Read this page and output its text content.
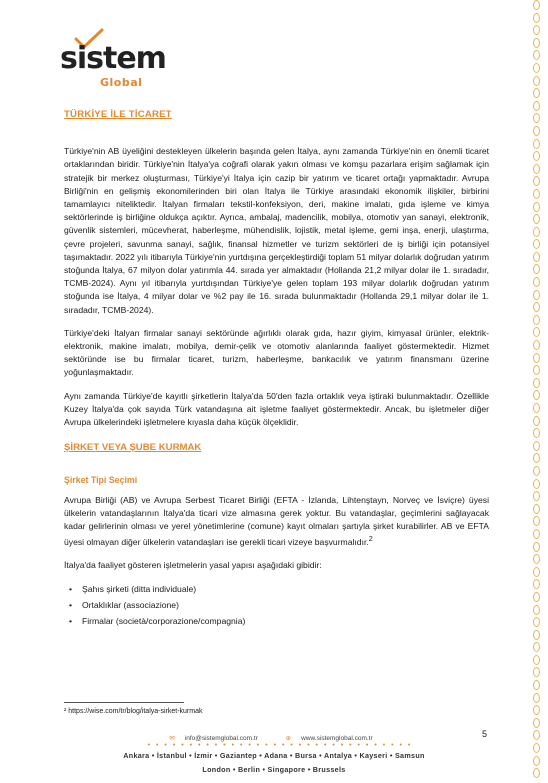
sistem
Global
TÜRKİYE İLE TİCARET

Türkiye'nin AB üyeliğini destekleyen ülkelerin başında gelen İtalya, aynı zamanda Türkiye'nin en önemli ticaret ortaklarından biridir. Türkiye'nin İtalya'ya coğrafi olarak yakın olması ve komşu pazarlara erişim sağlamak için stratejik bir merkez oluşturması, Türkiye'yi İtalya için cazip bir yatırım ve ticaret ortağı yapmaktadır. Avrupa Birliği'nin en gelişmiş ekonomilerinden biri olan İtalya ile Türkiye arasındaki ekonomik ilişkiler, birbirini tamamlayıcı niteliktedir. İtalyan firmaları tekstil-konfeksiyon, deri, makine imalatı, gıda işleme ve kimya sektörlerinde iş birliğine oldukça açıktır. Ayrıca, ambalaj, madencilik, mobilya, otomotiv yan sanayi, elektronik, güvenlik sistemleri, mücevherat, haberleşme, mühendislik, lojistik, metal işleme, gemi inşa, enerji, ulaştırma, çevre projeleri, savunma sanayi, sağlık, finansal hizmetler ve turizm sektörleri de iş birliği için potansiyel taşımaktadır. 2022 yılı itibarıyla Türkiye'nin yurtdışına gerçekleştirdiği toplam 51 milyar dolarlık doğrudan yatırım stoğunda İtalya, 67 milyon dolar yatırımla 44. sırada yer almaktadır (Hollanda 21,2 milyar dolar ile 1. sıradadır, TCMB-2024). Aynı yıl itibarıyla yurtdışından Türkiye'ye gelen toplam 193 milyar dolarlık doğrudan yatırım stoğunda ise İtalya, 4 milyar dolar ve %2 pay ile 16. sırada bulunmaktadır (Hollanda 29,1 milyar dolar ile 1. sıradadır, TCMB-2024).

Türkiye'deki İtalyan firmalar sanayi sektöründe ağırlıklı olarak gıda, hazır giyim, kimyasal ürünler, elektrik-elektronik, makine imalatı, mobilya, demir-çelik ve otomotiv alanlarında faaliyet göstermektedir. Hizmet sektöründe ise bu firmalar ticaret, turizm, haberleşme, bankacılık ve yatırım finansmanı üzerine yoğunlaşmaktadır.

Aynı zamanda Türkiye'de kayıtlı şirketlerin İtalya'da 50'den fazla ortaklık veya iştiraki bulunmaktadır. Özellikle Kuzey İtalya'da çok sayıda Türk vatandaşına ait işletme faaliyet göstermektedir. Ancak, bu işletmeler diğer Avrupa ülkelerindeki işletmelere kıyasla daha küçük ölçeklidir.

ŞİRKET VEYA ŞUBE KURMAK
Şirket Tipi Seçimi

Avrupa Birliği (AB) ve Avrupa Serbest Ticaret Birliği (EFTA - İzlanda, Lihtenştayn, Norveç ve İsviçre) üyesi ülkelerin vatandaşlarının İtalya'da ticari vize almasına gerek yoktur. Bu vatandaşlar, geçimlerini sağlayacak kadar gelirlerinin olması ve yerel yönetimlerine (comune) kayıt olmaları şartıyla şirket kurabilirler. AB ve EFTA üyesi olmayan diğer ülkelerin vatandaşları ise gerekli ticari vizeye başvurmalıdır.$^2$

İtalya'da faaliyet gösteren işletmelerin yasal yapısı aşağıdaki gibidir:

• Şahıs şirketi (ditta individuale)
• Ortaklıklar (associazione)
• Firmalar (società/corporazione/compagnia)
² https://wise.com/tr/blog/italya-sirket-kurmak
5
✉ info@sistemglobal.com.tr	⊕ www.sistemglobal.com.tr
• • • • • • • • • • • • • • • • • • • • • • • • • • • • • • • •
Ankara • İstanbul • İzmir • Gaziantep • Adana • Bursa • Antalya • Kayseri • Samsun
London • Berlin • Singapore • Brussels
